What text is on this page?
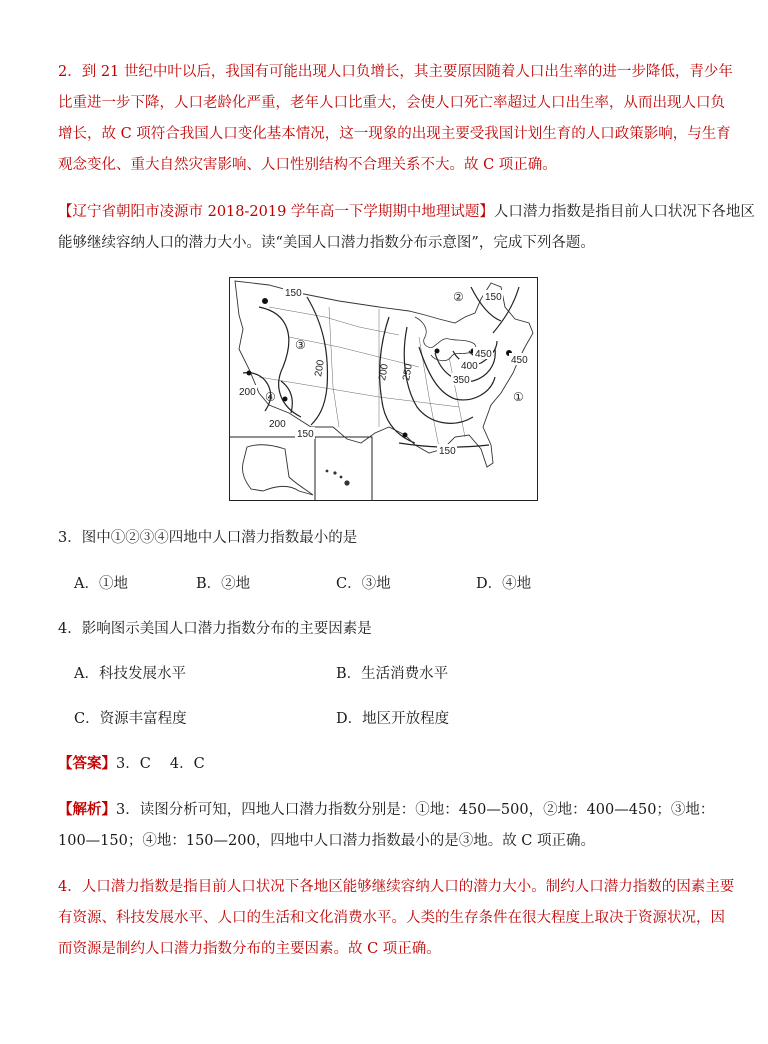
2．到 21 世纪中叶以后，我国有可能出现人口负增长，其主要原因随着人口出生率的进一步降低，青少年

比重进一步下降，人口老龄化严重，老年人口比重大，会使人口死亡率超过人口出生率，从而出现人口负

增长，故 C 项符合我国人口变化基本情况，这一现象的出现主要受我国计划生育的人口政策影响，与生育

观念变化、重大自然灾害影响、人口性别结构不合理关系不大。故 C 项正确。

【辽宁省朝阳市凌源市 2018-2019 学年高一下学期期中地理试题】人口潜力指数是指目前人口状况下各地区

能够继续容纳人口的潜力大小。读“美国人口潜力指数分布示意图”，完成下列各题。

150	150
150
150
200
200
200 250	350
400
450
450
200
①
②
③
④

3．图中①②③④四地中人口潜力指数最小的是

A．①地	B．②地	C．③地	D．④地

4．影响图示美国人口潜力指数分布的主要因素是

A．科技发展水平	B．生活消费水平
C．资源丰富程度	D．地区开放程度

【答案】3．C　 4．C

【解析】3．读图分析可知，四地人口潜力指数分别是：①地：450—500，②地：400—450；③地：

100—150；④地：150—200，四地中人口潜力指数最小的是③地。故 C 项正确。

4．人口潜力指数是指目前人口状况下各地区能够继续容纳人口的潜力大小。制约人口潜力指数的因素主要

有资源、科技发展水平、人口的生活和文化消费水平。人类的生存条件在很大程度上取决于资源状况，因

而资源是制约人口潜力指数分布的主要因素。故 C 项正确。
